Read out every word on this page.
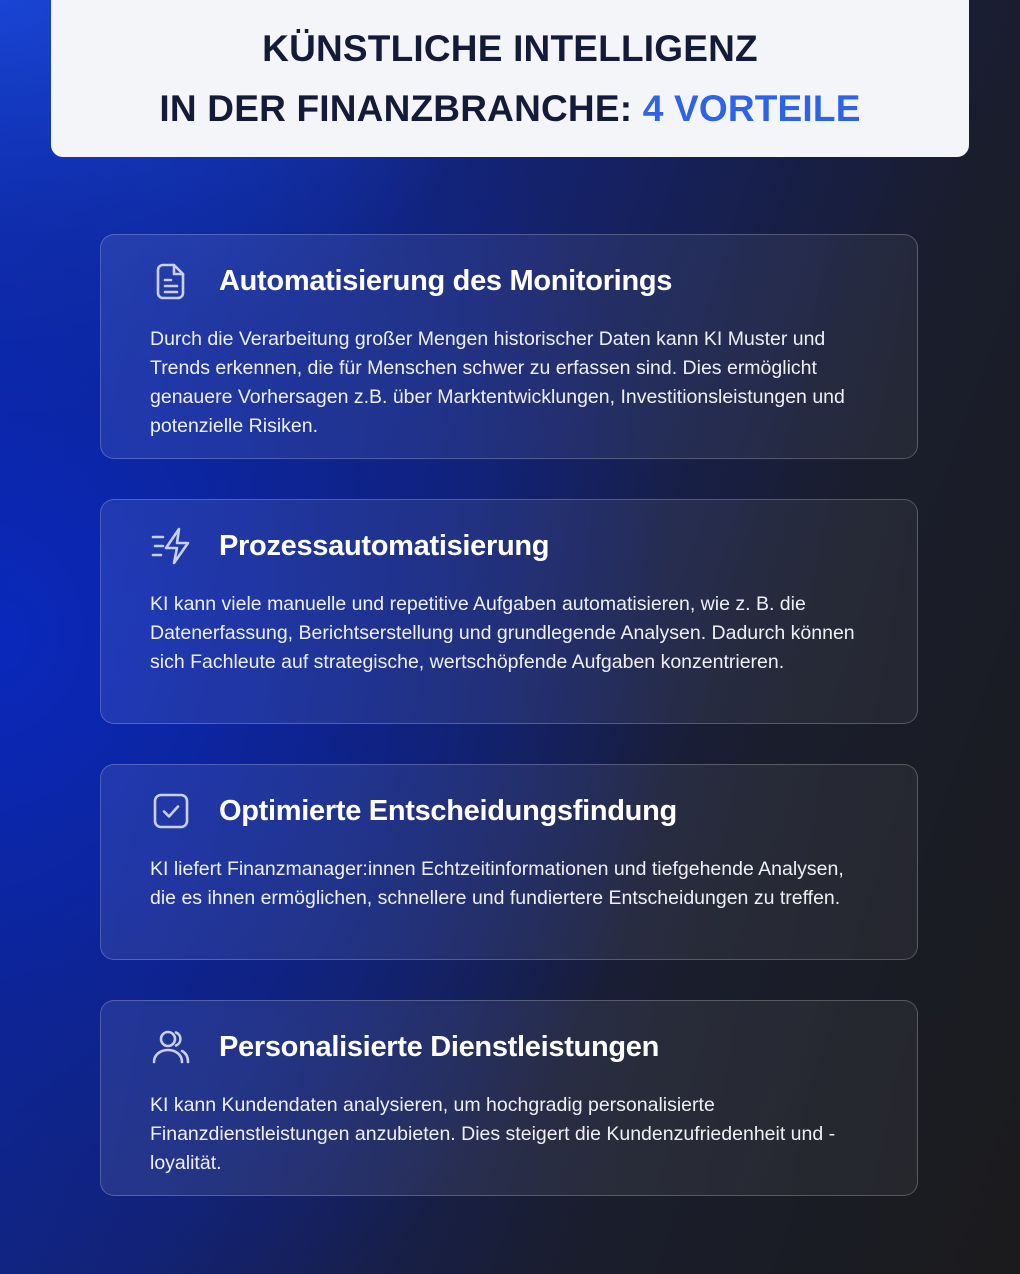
KÜNSTLICHE INTELLIGENZ
IN DER FINANZBRANCHE: 4 VORTEILE
Automatisierung des Monitorings
Durch die Verarbeitung großer Mengen historischer Daten kann KI Muster und Trends erkennen, die für Menschen schwer zu erfassen sind. Dies ermöglicht genauere Vorhersagen z.B. über Marktentwicklungen, Investitionsleistungen und potenzielle Risiken.
Prozessautomatisierung
KI kann viele manuelle und repetitive Aufgaben automatisieren, wie z. B. die Datenerfassung, Berichtserstellung und grundlegende Analysen. Dadurch können sich Fachleute auf strategische, wertschöpfende Aufgaben konzentrieren.
Optimierte Entscheidungsfindung
KI liefert Finanzmanager:innen Echtzeitinformationen und tiefgehende Analysen, die es ihnen ermöglichen, schnellere und fundiertere Entscheidungen zu treffen.
Personalisierte Dienstleistungen
KI kann Kundendaten analysieren, um hochgradig personalisierte Finanzdienstleistungen anzubieten. Dies steigert die Kundenzufriedenheit und -loyalität.
